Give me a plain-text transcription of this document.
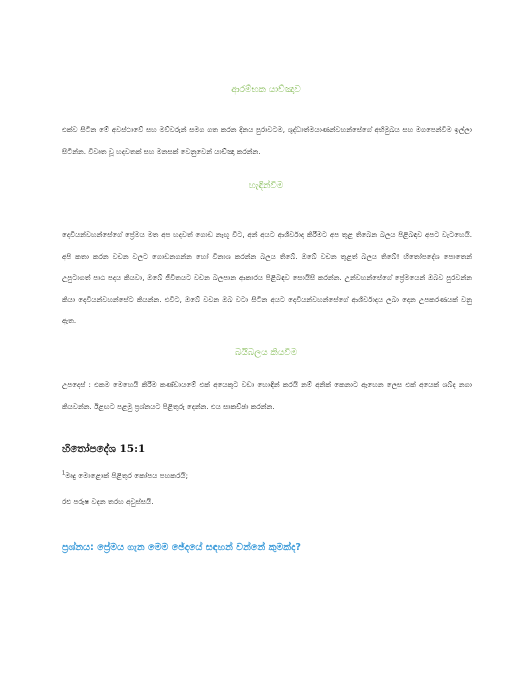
ආරම්භක යාච්ඤාව

එක්ව සිටින මේ අවස්ථාවේ සහ මව්වරුන් සමග ගත කරන දිනය පුරාවටම, ශුද්ධාත්මයාණන්වහන්සේගේ අභිමුඛය සහ මගපෙන්වීම ඉල්ලා සිටින්න. විවෘත වූ හදවතක් සහ මනසක් වෙනුවෙන් යාච්ඤා කරන්න.

හැඳින්වීම

දෙවියන්වහන්සේගේ ප්‍රේමය මත අප හදවත් ගොඩ නැඟූ විට, අන් අයට ආශීර්වාද කිරීමට අප තුළ තිබෙන බලය පිළිබඳව අපට වැටහෙයි. අපි කතා කරන වචන වලට ගොඩනගන්න හෝ විනාශ කරන්න බලය තිබේ. ඔබේ වචන තුළත් බලය තිබේ! හිතෝපදේශ පොතෙන් උපුටාගත් පාඨ පදය කියවා, ඔබේ ජීවිතයට වචන බලපාන ආකාරය පිළිබඳව සොයිසි කරන්න. උන්වහන්සේගේ ප්‍රේමයෙන් ඔබව පුරවන්න කියා දෙවියන්වහන්සේට කියන්න. එවිට, ඔබේ වචන ඔබ වටා සිටින අයට දෙවියන්වහන්සේගේ ආශීර්වාදය ලබා දෙන උපකරණයක් වනු ඇත.

බයිබලය කියවීම

උපදෙස් : එකම මෙහෙයි කිරීම කණ්ඩායමේ එක් අයෙකුට වඩා හොඳින් කරයි නම් අනික් කෙනාට ඇහෙන ලෙස එක් අයෙක් ශබ්ද නගා කියවන්න. ඊළඟට පළමු ප්‍රශ්නයට පිළිතුරු දෙන්න. එය සාකච්ඡා කරන්න.

හිතෝපදේශ 15:1
$^1$මෘදු මොළොක් පිළිතුර කෝපය පහකරයි;
රළු පරුෂ වදන තරහ අවුස්සයි.
ප්‍රශ්නය: ප්‍රේමය ගැන මෙම ඡේදයේ සඳහන් වන්නේ කුමක්ද?
